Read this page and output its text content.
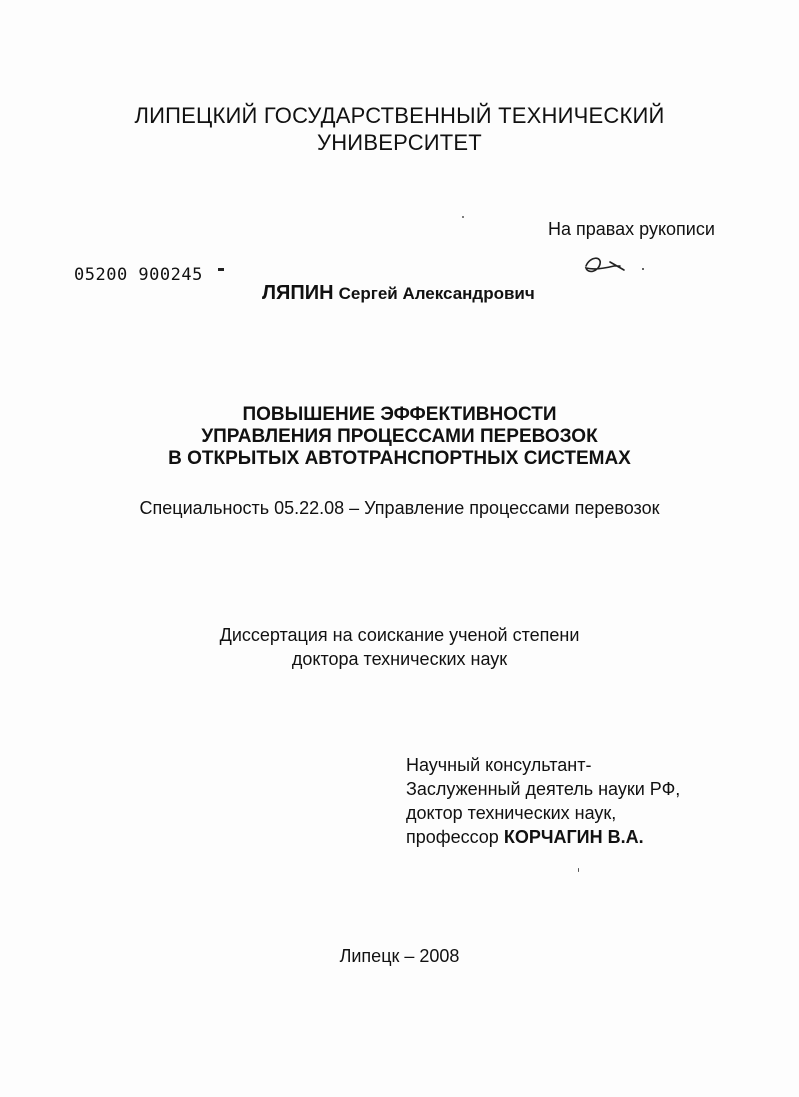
ЛИПЕЦКИЙ ГОСУДАРСТВЕННЫЙ ТЕХНИЧЕСКИЙ
УНИВЕРСИТЕТ
На правах рукописи
05200 900245
ЛЯПИН Сергей Александрович
ПОВЫШЕНИЕ ЭФФЕКТИВНОСТИ
УПРАВЛЕНИЯ ПРОЦЕССАМИ ПЕРЕВОЗОК
В ОТКРЫТЫХ АВТОТРАНСПОРТНЫХ СИСТЕМАХ
Специальность 05.22.08 – Управление процессами перевозок
Диссертация на соискание ученой степени
доктора технических наук
Научный консультант-
Заслуженный деятель науки РФ,
доктор технических наук,
профессор КОРЧАГИН В.А.
Липецк – 2008
